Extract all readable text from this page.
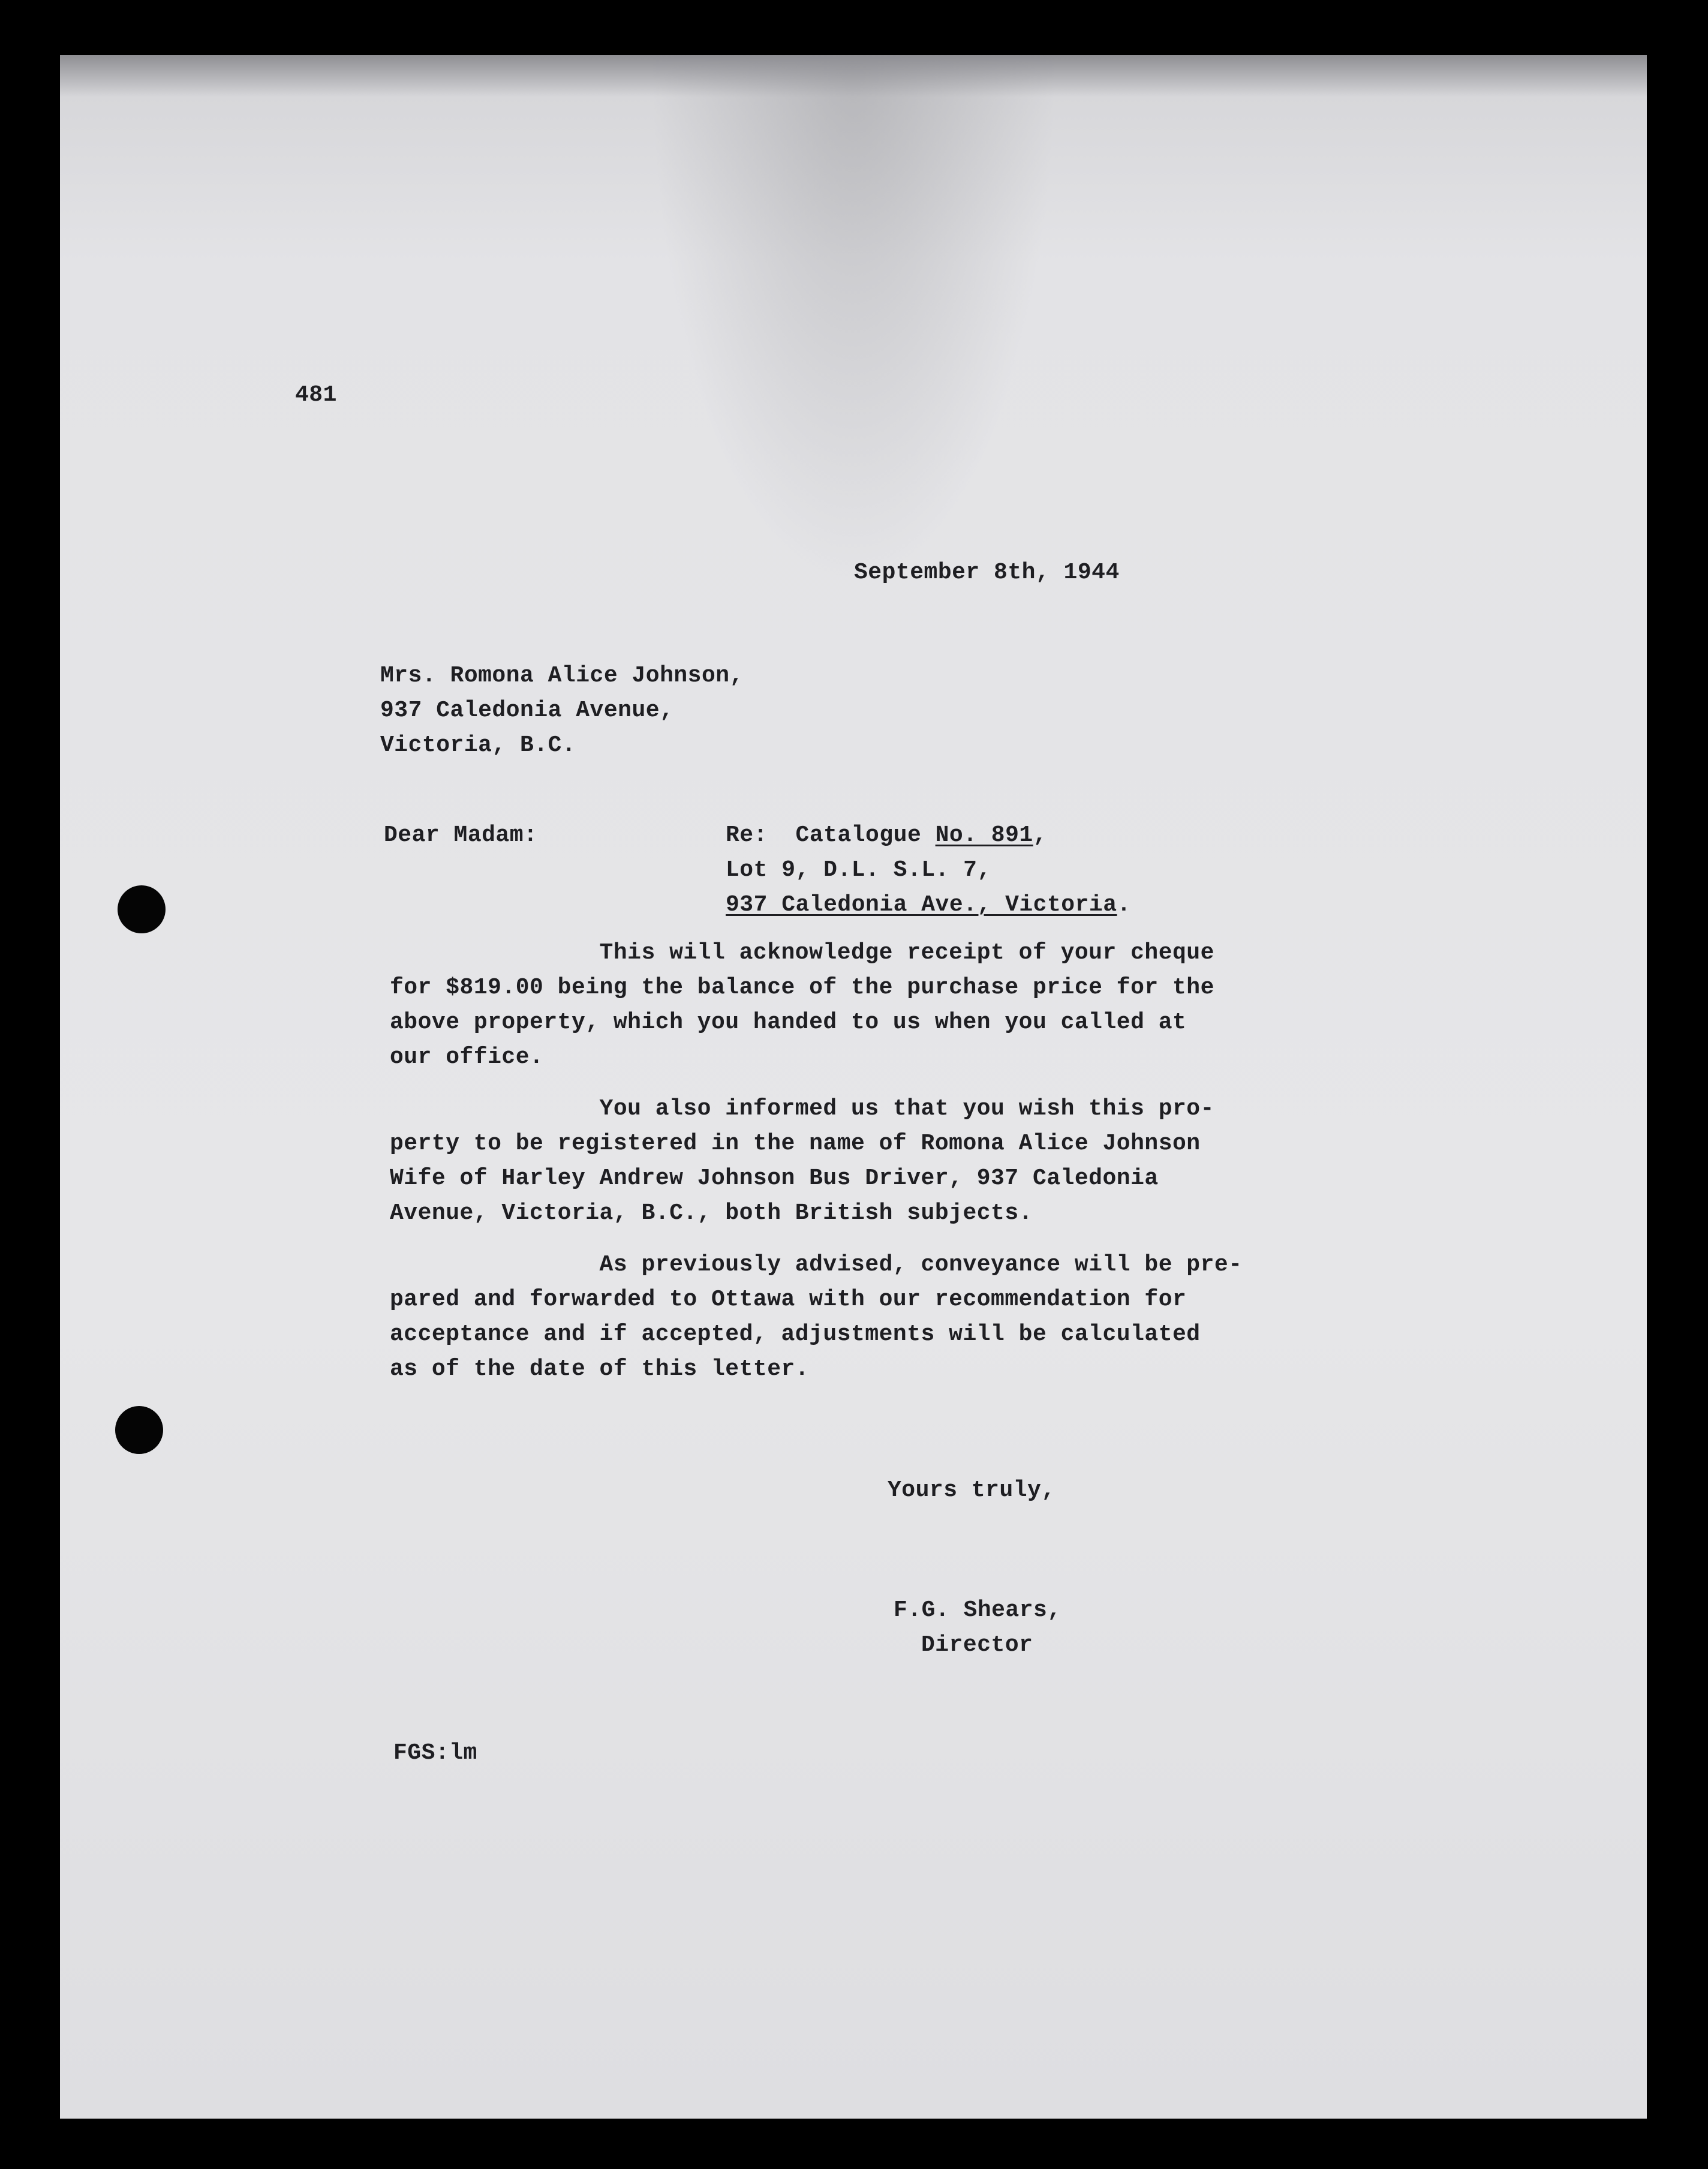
481
September 8th, 1944
Mrs. Romona Alice Johnson,
937 Caledonia Avenue,
Victoria, B.C.
Dear Madam:	Re: Catalogue No. 891,
Lot 9, D.L. S.L. 7,
937 Caledonia Ave., Victoria.
This will acknowledge receipt of your cheque
for $819.00 being the balance of the purchase price for the
above property, which you handed to us when you called at
our office.
You also informed us that you wish this pro-
perty to be registered in the name of Romona Alice Johnson
Wife of Harley Andrew Johnson Bus Driver, 937 Caledonia
Avenue, Victoria, B.C., both British subjects.
As previously advised, conveyance will be pre-
pared and forwarded to Ottawa with our recommendation for
acceptance and if accepted, adjustments will be calculated
as of the date of this letter.
Yours truly,
F.G. Shears,
Director
FGS:lm
